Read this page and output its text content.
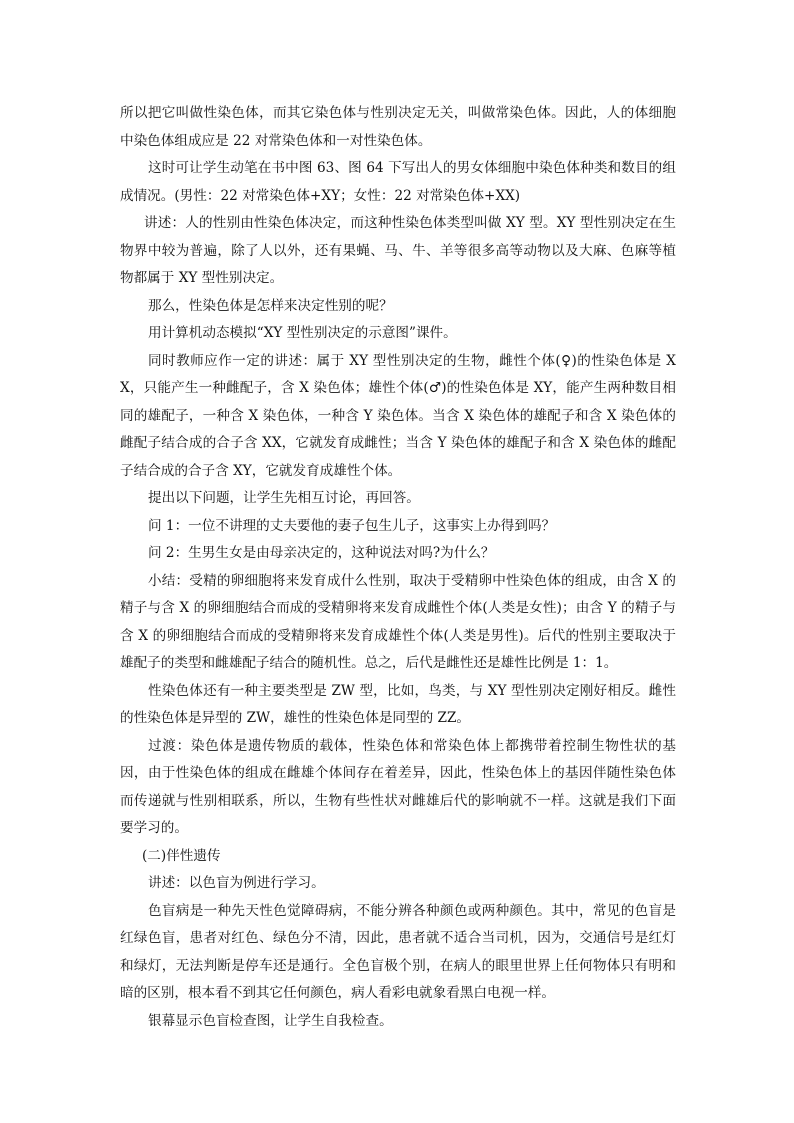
所以把它叫做性染色体，而其它染色体与性别决定无关，叫做常染色体。因此，人的体细胞中染色体组成应是 22 对常染色体和一对性染色体。

这时可让学生动笔在书中图 63、图 64 下写出人的男女体细胞中染色体种类和数目的组成情况。(男性：22 对常染色体+XY；女性：22 对常染色体+XX)

讲述：人的性别由性染色体决定，而这种性染色体类型叫做 XY 型。XY 型性别决定在生物界中较为普遍，除了人以外，还有果蝇、马、牛、羊等很多高等动物以及大麻、色麻等植物都属于 XY 型性别决定。

那么，性染色体是怎样来决定性别的呢？

用计算机动态模拟“XY 型性别决定的示意图”课件。

同时教师应作一定的讲述：属于 XY 型性别决定的生物，雌性个体(♀)的性染色体是 XX，只能产生一种雌配子，含 X 染色体；雄性个体(♂)的性染色体是 XY，能产生两种数目相同的雄配子，一种含 X 染色体，一种含 Y 染色体。当含 X 染色体的雄配子和含 X 染色体的雌配子结合成的合子含 XX，它就发育成雌性；当含 Y 染色体的雄配子和含 X 染色体的雌配子结合成的合子含 XY，它就发育成雄性个体。

提出以下问题，让学生先相互讨论，再回答。

问 1：一位不讲理的丈夫要他的妻子包生儿子，这事实上办得到吗？

问 2：生男生女是由母亲决定的，这种说法对吗?为什么？

小结：受精的卵细胞将来发育成什么性别，取决于受精卵中性染色体的组成，由含 X 的精子与含 X 的卵细胞结合而成的受精卵将来发育成雌性个体(人类是女性)；由含 Y 的精子与含 X 的卵细胞结合而成的受精卵将来发育成雄性个体(人类是男性)。后代的性别主要取决于雄配子的类型和雌雄配子结合的随机性。总之，后代是雌性还是雄性比例是 1：1。

性染色体还有一种主要类型是 ZW 型，比如，鸟类，与 XY 型性别决定刚好相反。雌性的性染色体是异型的 ZW，雄性的性染色体是同型的 ZZ。

过渡：染色体是遗传物质的载体，性染色体和常染色体上都携带着控制生物性状的基因，由于性染色体的组成在雌雄个体间存在着差异，因此，性染色体上的基因伴随性染色体而传递就与性别相联系，所以，生物有些性状对雌雄后代的影响就不一样。这就是我们下面要学习的。

(二)伴性遗传

讲述：以色盲为例进行学习。

色盲病是一种先天性色觉障碍病，不能分辨各种颜色或两种颜色。其中，常见的色盲是红绿色盲，患者对红色、绿色分不清，因此，患者就不适合当司机，因为，交通信号是红灯和绿灯，无法判断是停车还是通行。全色盲极个别，在病人的眼里世界上任何物体只有明和暗的区别，根本看不到其它任何颜色，病人看彩电就象看黑白电视一样。

银幕显示色盲检查图，让学生自我检查。
